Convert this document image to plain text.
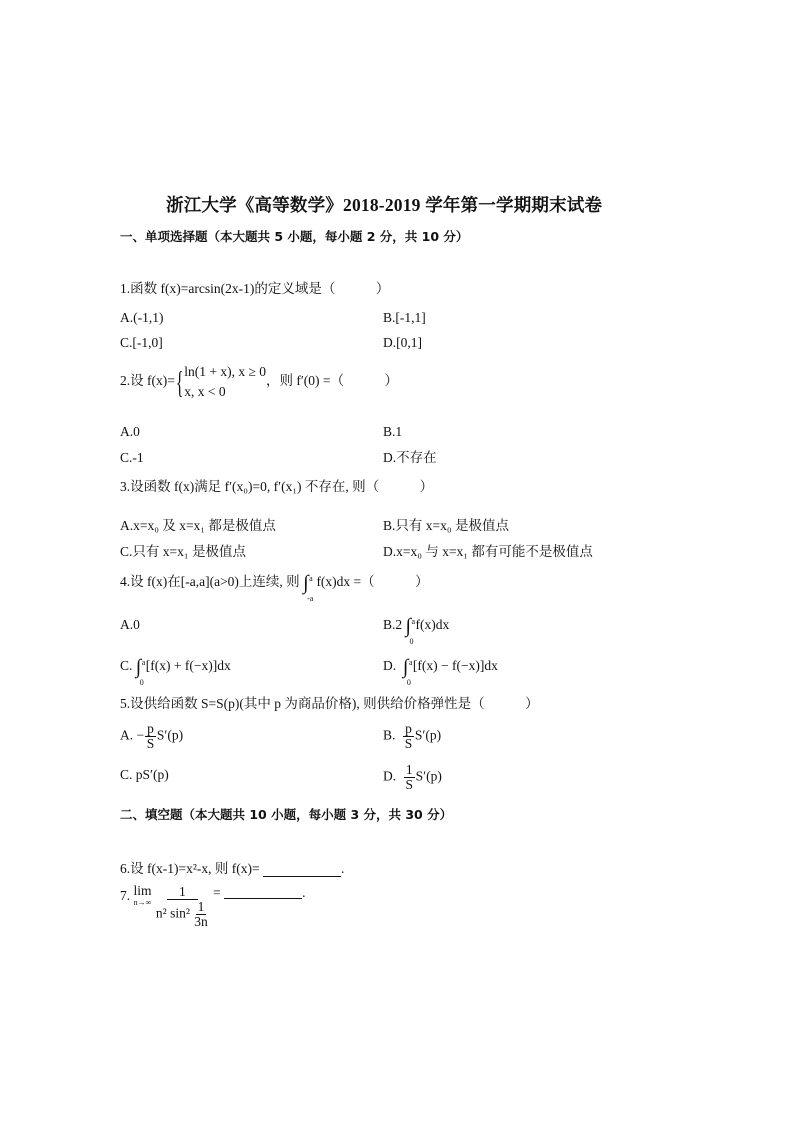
浙江大学《高等数学》2018-2019 学年第一学期期末试卷
一、单项选择题（本大题共 5 小题，每小题 2 分，共 10 分）
1.函数 f(x)=arcsin(2x-1)的定义域是（　　　）
A.(-1,1)	B.[-1,1]
C.[-1,0]	D.[0,1]
2.设 f(x)={ ln(1 + x), x ≥ 0
x, x < 0
，则 f′(0) =（　　　）
A.0	B.1
C.-1	D.不存在
3.设函数 f(x)满足 f′(x₀)=0, f′(x₁) 不存在, 则（　　　）
A.x=x₀ 及 x=x₁ 都是极值点	B.只有 x=x₀ 是极值点
C.只有 x=x₁ 是极值点	D.x=x₀ 与 x=x₁ 都有可能不是极值点
4.设 f(x)在[-a,a](a>0)上连续, 则 ∫ a
-a
f(x)dx =（　　　）
A.0	B.2 ∫ a
0
f(x)dx
C. ∫ a
0
[f(x) + f(−x)]dx	D. ∫ a
0
[f(x) − f(−x)]dx
5.设供给函数 S=S(p)(其中 p 为商品价格), 则供给价格弹性是（　　　）
A. − $\frac{p}{S} S'(p)$	B. $\frac{p}{S} S'(p)$
C. pS′(p)	D. $\frac{1}{S} S'(p)$
二、填空题（本大题共 10 小题，每小题 3 分，共 30 分）
6.设 f(x-1)=x²-x, 则 f(x)=	.
7. lim
n→∞
$\frac{1}{n^2 \sin^2 \frac{1}{3n}}$ =	.
